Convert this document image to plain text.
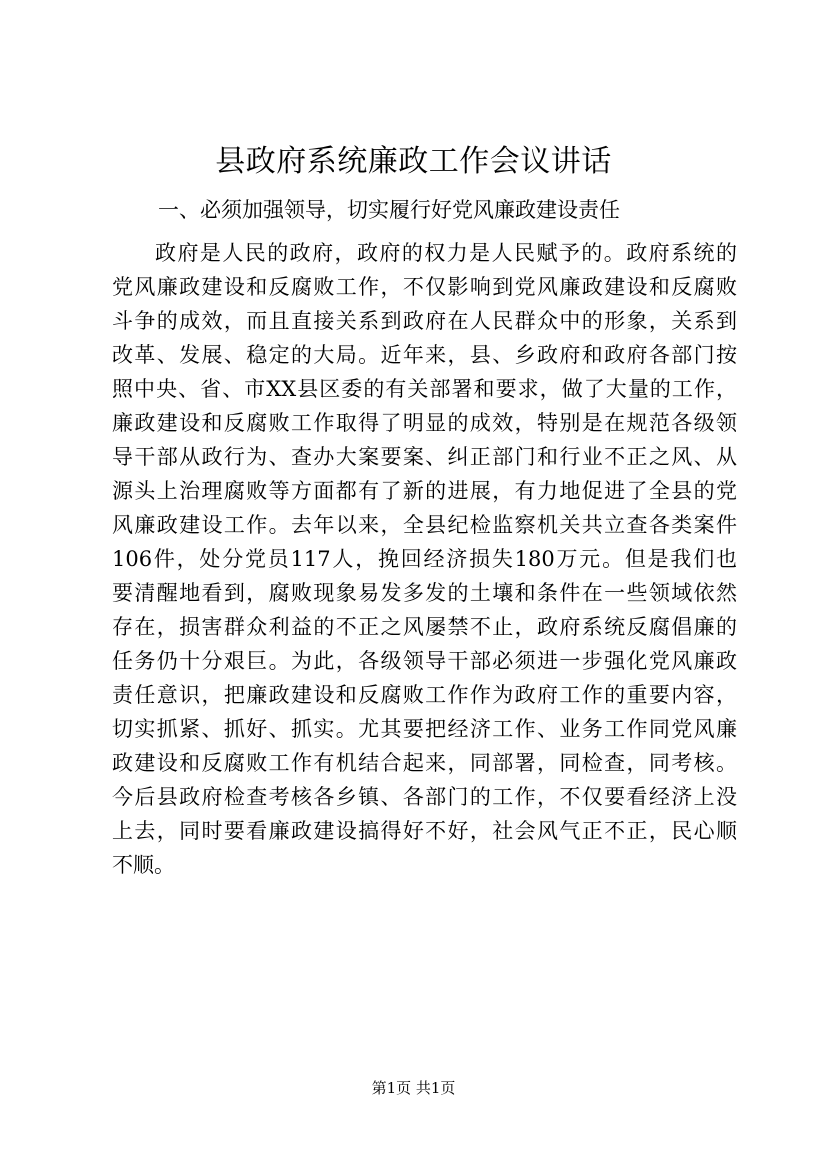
县政府系统廉政工作会议讲话

一、必须加强领导，切实履行好党风廉政建设责任

政府是人民的政府，政府的权力是人民赋予的。政府系统的
党风廉政建设和反腐败工作，不仅影响到党风廉政建设和反腐败
斗争的成效，而且直接关系到政府在人民群众中的形象，关系到
改革、发展、稳定的大局。近年来，县、乡政府和政府各部门按
照中央、省、市XX县区委的有关部署和要求，做了大量的工作，
廉政建设和反腐败工作取得了明显的成效，特别是在规范各级领
导干部从政行为、查办大案要案、纠正部门和行业不正之风、从
源头上治理腐败等方面都有了新的进展，有力地促进了全县的党
风廉政建设工作。去年以来，全县纪检监察机关共立查各类案件
106件，处分党员117人，挽回经济损失180万元。但是我们也
要清醒地看到，腐败现象易发多发的土壤和条件在一些领域依然
存在，损害群众利益的不正之风屡禁不止，政府系统反腐倡廉的
任务仍十分艰巨。为此，各级领导干部必须进一步强化党风廉政
责任意识，把廉政建设和反腐败工作作为政府工作的重要内容，
切实抓紧、抓好、抓实。尤其要把经济工作、业务工作同党风廉
政建设和反腐败工作有机结合起来，同部署，同检查，同考核。
今后县政府检查考核各乡镇、各部门的工作，不仅要看经济上没
上去，同时要看廉政建设搞得好不好，社会风气正不正，民心顺
不顺。
第1页 共1页
